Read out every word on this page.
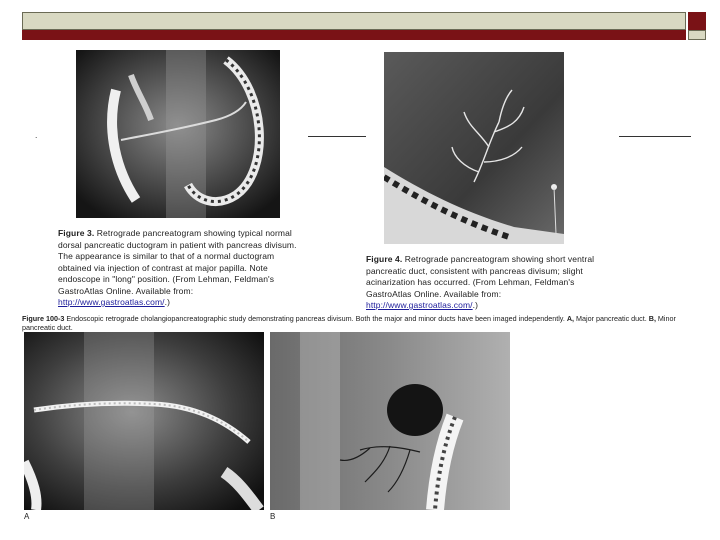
.
Figure 3. Retrograde pancreatogram showing typical normal dorsal pancreatic ductogram in patient with pancreas divisum. The appearance is similar to that of a normal ductogram obtained via injection of contrast at major papilla. Note endoscope in "long" position. (From Lehman, Feldman's GastroAtlas Online. Available from: http://www.gastroatlas.com/.)
Figure 4. Retrograde pancreatogram showing short ventral pancreatic duct, consistent with pancreas divisum; slight acinarization has occurred. (From Lehman, Feldman's GastroAtlas Online. Available from: http://www.gastroatlas.com/.)
Figure 100-3 Endoscopic retrograde cholangiopancreatographic study demonstrating pancreas divisum. Both the major and minor ducts have been imaged independently. A, Major pancreatic duct. B, Minor pancreatic duct.
A	B
